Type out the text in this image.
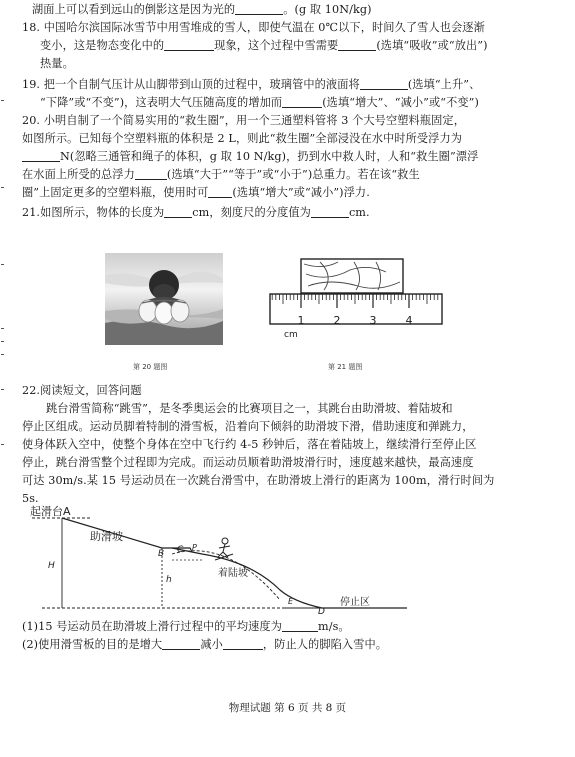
湖面上可以看到远山的倒影这是因为光的	。(g 取 10N/kg)
18. 中国哈尔滨国际冰雪节中用雪堆成的雪人，即使气温在 0℃以下，时间久了雪人也会逐渐
变小，这是物态变化中的	现象，这个过程中雪需要	(选填“吸收”或“放出”)
热量。
19. 把一个自制气压计从山脚带到山顶的过程中，玻璃管中的液面将	(选填“上升”、
“下降”或“不变”)，这表明大气压随高度的增加而	(选填“增大”、“减小”或“不变”)
20. 小明自制了一个简易实用的“救生圈”，用一个三通塑料管将 3 个大号空塑料瓶固定，
如图所示。已知每个空塑料瓶的体积是 2 L，则此“救生圈”全部浸没在水中时所受浮力为
N(忽略三通管和绳子的体积，g 取 10 N/kg)，扔到水中救人时，人和“救生圈”漂浮
在水面上所受的总浮力	(选填“大于”“等于”或“小于”)总重力。若在该“救生
圈”上固定更多的空塑料瓶，使用时可 (选填“增大”或“减小”)浮力.
21.如图所示，物体的长度为	cm，刻度尺的分度值为	cm.
第 20 题图
cm
1	2	3	4
第 21 题图
22.阅读短文，回答问题
跳台滑雪简称“跳雪”，是冬季奥运会的比赛项目之一，其跳台由助滑坡、着陆坡和
停止区组成。运动员脚着特制的滑雪板，沿着向下倾斜的助滑坡下滑，借助速度和弹跳力，
使身体跃入空中，使整个身体在空中飞行约 4-5 秒钟后，落在着陆坡上，继续滑行至停止区
停止，跳台滑雪整个过程即为完成。而运动员顺着助滑坡滑行时，速度越来越快，最高速度
可达 30m/s.某 15 号运动员在一次跳台滑雪中，在助滑坡上滑行的距离为 100m，滑行时间为
5s.
起滑台A
助滑坡
着陆坡
停止区
H
h
B C P
E
D
(1)15 号运动员在助滑坡上滑行过程中的平均速度为	m/s。
(2)使用滑雪板的目的是增大	减小	，防止人的脚陷入雪中。
物理试题 第 6 页 共 8 页
